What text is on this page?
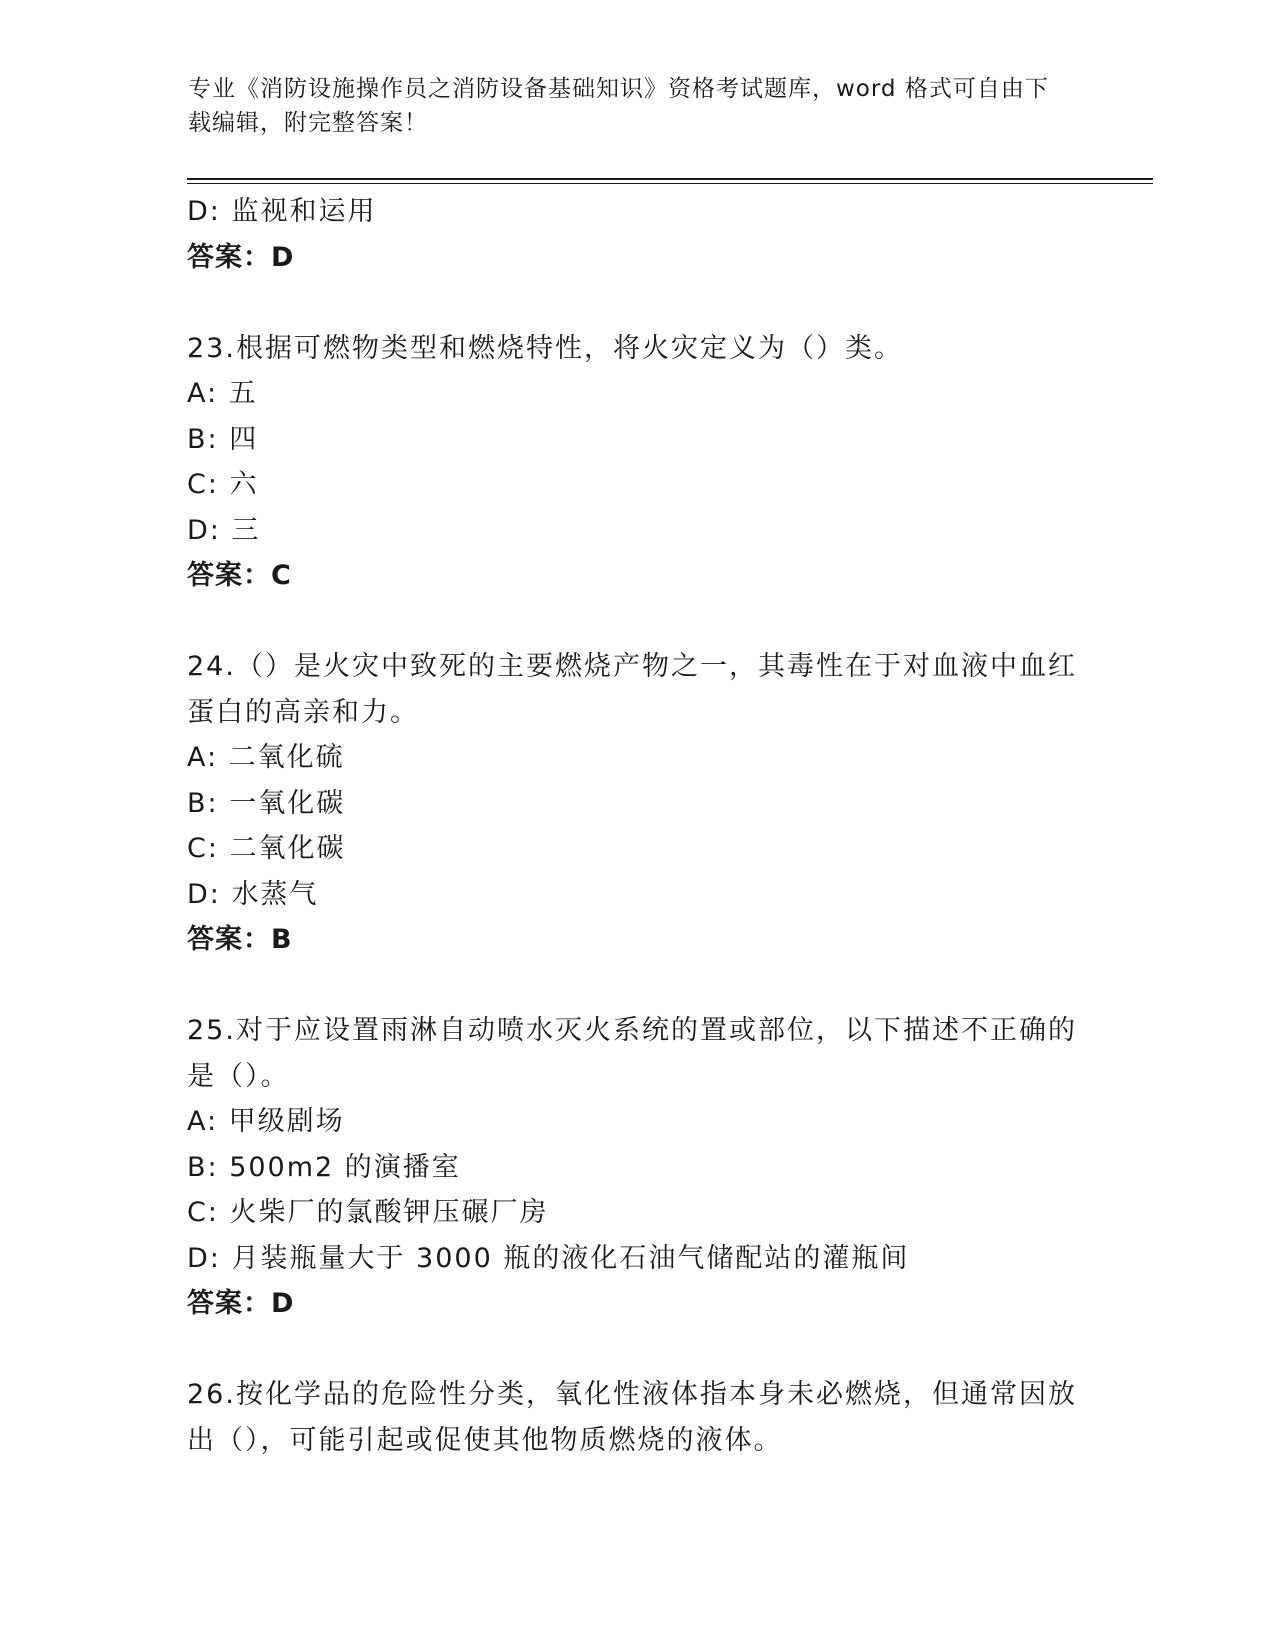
专业《消防设施操作员之消防设备基础知识》资格考试题库，word 格式可自由下
载编辑，附完整答案！
D: 监视和运用
答案：D
23.根据可燃物类型和燃烧特性，将火灾定义为（）类。
A: 五
B: 四
C: 六
D: 三
答案：C
24.（）是火灾中致死的主要燃烧产物之一，其毒性在于对血液中血红
蛋白的高亲和力。
A: 二氧化硫
B: 一氧化碳
C: 二氧化碳
D: 水蒸气
答案：B
25.对于应设置雨淋自动喷水灭火系统的置或部位，以下描述不正确的
是（）。
A: 甲级剧场
B: 500m2 的演播室
C: 火柴厂的氯酸钾压碾厂房
D: 月装瓶量大于 3000 瓶的液化石油气储配站的灌瓶间
答案：D
26.按化学品的危险性分类，氧化性液体指本身未必燃烧，但通常因放
出（），可能引起或促使其他物质燃烧的液体。
